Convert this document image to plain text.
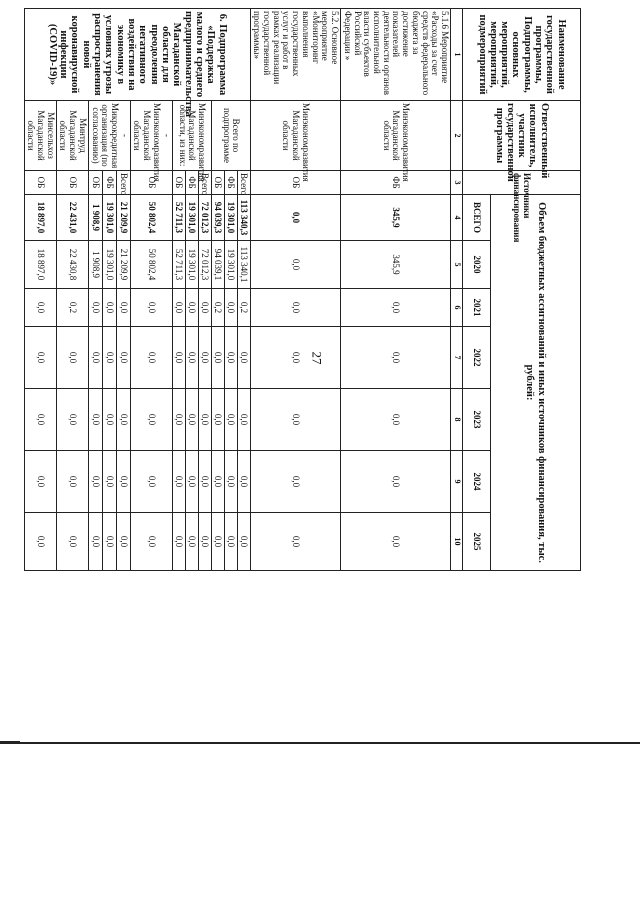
27
Наименование государственной программы, Подпрограммы, основных мероприятий, мероприятий, подмероприятий	Ответственный исполнитель, участник государственной программы	Источники финансирования	Объем бюджетных ассигнований и иных источников финансирования, тыс. рублей:						
			ВСЕГО	2020	2021	2022	2023	2024	2025
1	2	3	4	5	6	7	8	9	10
5.1.6 Мероприятие «Расходы за счет средств федерального бюджета за достижение показателей деятельности органов исполнительной власти субъектов Российской Федерации »	Минэкономразвития Магаданской области	ФБ	345,9	345,9	0,0	0,0	0,0	0,0	0,0
5.2. Основное мероприятие «Мониторинг выполнения государственных услуг и работ в рамках реализации государственной программы»	Минэкономразвития Магаданской области	ОБ	0,0	0,0	0,0	0,0	0,0	0,0	0,0
6. Подпрограмма «Поддержка малого и среднего предпринимательства Магаданской области для преодоления негативного воздействия на экономику в условиях угрозы распространения новой коронавирусной инфекции (COVID-19)»	Всего по подпрограмме	Всего	113 340,3	113 340,1	0,2	0,0	0,0	0,0	0,0
		ФБ	19 301,0	19 301,0	0,0	0,0	0,0	0,0	0,0
		ОБ	94 039,3	94 039,1	0,2	0,0	0,0	0,0	0,0
	Минэкономразвития Магаданской области, из них:	Всего	72 012,3	72 012,3	0,0	0,0	0,0	0,0	0,0
		ФБ	19 301,0	19 301,0	0,0	0,0	0,0	0,0	0,0
		ОБ	52 711,3	52 711,3	0,0	0,0	0,0	0,0	0,0
	- Минэкономразвития Магаданской области	ОБ	50 802,4	50 802,4	0,0	0,0	0,0	0,0	0,0
	- Микрокредитная организация (по согласованию)	Всего	21 209,9	21 209,9	0,0	0,0	0,0	0,0	0,0
		ФБ	19 301,0	19 301,0	0,0	0,0	0,0	0,0	0,0
		ОБ	1 908,9	1 908,9	0,0	0,0	0,0	0,0	0,0
	Минтруд Магаданской области	ОБ	22 431,0	22 430,8	0,2	0,0	0,0	0,0	0,0
	Минсельхоз Магаданской области	ОБ	18 897,0	18 897,0	0,0	0,0	0,0	0,0	0,0
